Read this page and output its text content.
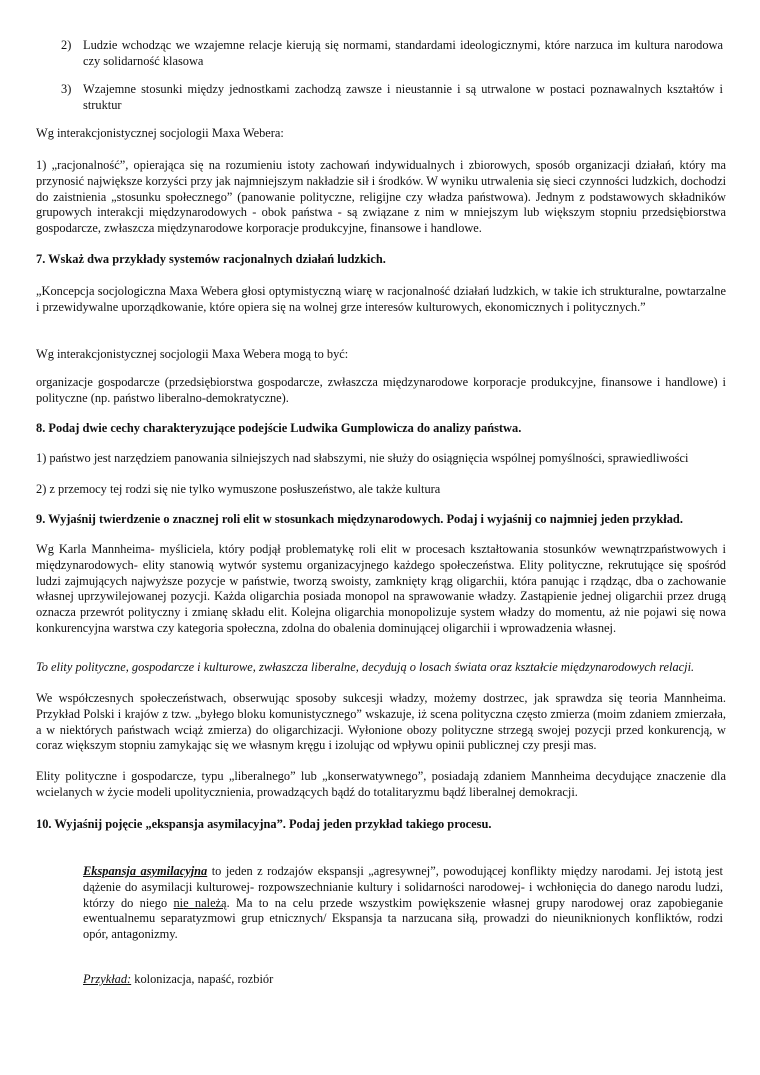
2) Ludzie wchodząc we wzajemne relacje kierują się normami, standardami ideologicznymi, które narzuca im kultura narodowa czy solidarność klasowa

3) Wzajemne stosunki między jednostkami zachodzą zawsze i nieustannie i są utrwalone w postaci poznawalnych kształtów i struktur

Wg interakcjonistycznej socjologii Maxa Webera:

1) „racjonalność”, opierająca się na rozumieniu istoty zachowań indywidualnych i zbiorowych, sposób organizacji działań, który ma przynosić największe korzyści przy jak najmniejszym nakładzie sił i środków. W wyniku utrwalenia się sieci czynności ludzkich, dochodzi do zaistnienia „stosunku społecznego” (panowanie polityczne, religijne czy władza państwowa). Jednym z podstawowych składników grupowych interakcji międzynarodowych - obok państwa - są związane z nim w mniejszym lub większym stopniu przedsiębiorstwa gospodarcze, zwłaszcza międzynarodowe korporacje produkcyjne, finansowe i handlowe.

7. Wskaż dwa przykłady systemów racjonalnych działań ludzkich.

„Koncepcja socjologiczna Maxa Webera głosi optymistyczną wiarę w racjonalność działań ludzkich, w takie ich strukturalne, powtarzalne i przewidywalne uporządkowanie, które opiera się na wolnej grze interesów kulturowych, ekonomicznych i politycznych.”

Wg interakcjonistycznej socjologii Maxa Webera mogą to być:

organizacje gospodarcze (przedsiębiorstwa gospodarcze, zwłaszcza międzynarodowe korporacje produkcyjne, finansowe i handlowe) i polityczne (np. państwo liberalno-demokratyczne).

8. Podaj dwie cechy charakteryzujące podejście Ludwika Gumplowicza do analizy państwa.

1) państwo jest narzędziem panowania silniejszych nad słabszymi, nie służy do osiągnięcia wspólnej pomyślności, sprawiedliwości

2) z przemocy tej rodzi się nie tylko wymuszone posłuszeństwo, ale także kultura

9. Wyjaśnij twierdzenie o znacznej roli elit w stosunkach międzynarodowych. Podaj i wyjaśnij co najmniej jeden przykład.

Wg Karla Mannheima- myśliciela, który podjął problematykę roli elit w procesach kształtowania stosunków wewnątrzpaństwowych i międzynarodowych- elity stanowią wytwór systemu organizacyjnego każdego społeczeństwa. Elity polityczne, rekrutujące się spośród ludzi zajmujących najwyższe pozycje w państwie, tworzą swoisty, zamknięty krąg oligarchii, która panując i rządząc, dba o zachowanie własnej uprzywilejowanej pozycji. Każda oligarchia posiada monopol na sprawowanie władzy. Zastąpienie jednej oligarchii przez drugą oznacza przewrót polityczny i zmianę składu elit. Kolejna oligarchia monopolizuje system władzy do momentu, aż nie pojawi się nowa konkurencyjna warstwa czy kategoria społeczna, zdolna do obalenia dominującej oligarchii i wprowadzenia własnej.

To elity polityczne, gospodarcze i kulturowe, zwłaszcza liberalne, decydują o losach świata oraz kształcie międzynarodowych relacji.

We współczesnych społeczeństwach, obserwując sposoby sukcesji władzy, możemy dostrzec, jak sprawdza się teoria Mannheima. Przykład Polski i krajów z tzw. „byłego bloku komunistycznego” wskazuje, iż scena polityczna często zmierza (moim zdaniem zmierzała, a w niektórych państwach wciąż zmierza) do oligarchizacji. Wyłonione obozy polityczne strzegą swojej pozycji przed konkurencją, w coraz większym stopniu zamykając się we własnym kręgu i izolując od wpływu opinii publicznej czy presji mas.

Elity polityczne i gospodarcze, typu „liberalnego” lub „konserwatywnego”, posiadają zdaniem Mannheima decydujące znaczenie dla wcielanych w życie modeli upolitycznienia, prowadzących bądź do totalitaryzmu bądź liberalnej demokracji.

10. Wyjaśnij pojęcie „ekspansja asymilacyjna”. Podaj jeden przykład takiego procesu.

Ekspansja asymilacyjna to jeden z rodzajów ekspansji „agresywnej”, powodującej konflikty między narodami. Jej istotą jest dążenie do asymilacji kulturowej- rozpowszechnianie kultury i solidarności narodowej- i wchłonięcia do danego narodu ludzi, którzy do niego nie należą. Ma to na celu przede wszystkim powiększenie własnej grupy narodowej oraz zapobieganie ewentualnemu separatyzmowi grup etnicznych/ Ekspansja ta narzucana siłą, prowadzi do nieuniknionych konfliktów, rodzi opór, antagonizmy.

Przykład: kolonizacja, napaść, rozbiór
